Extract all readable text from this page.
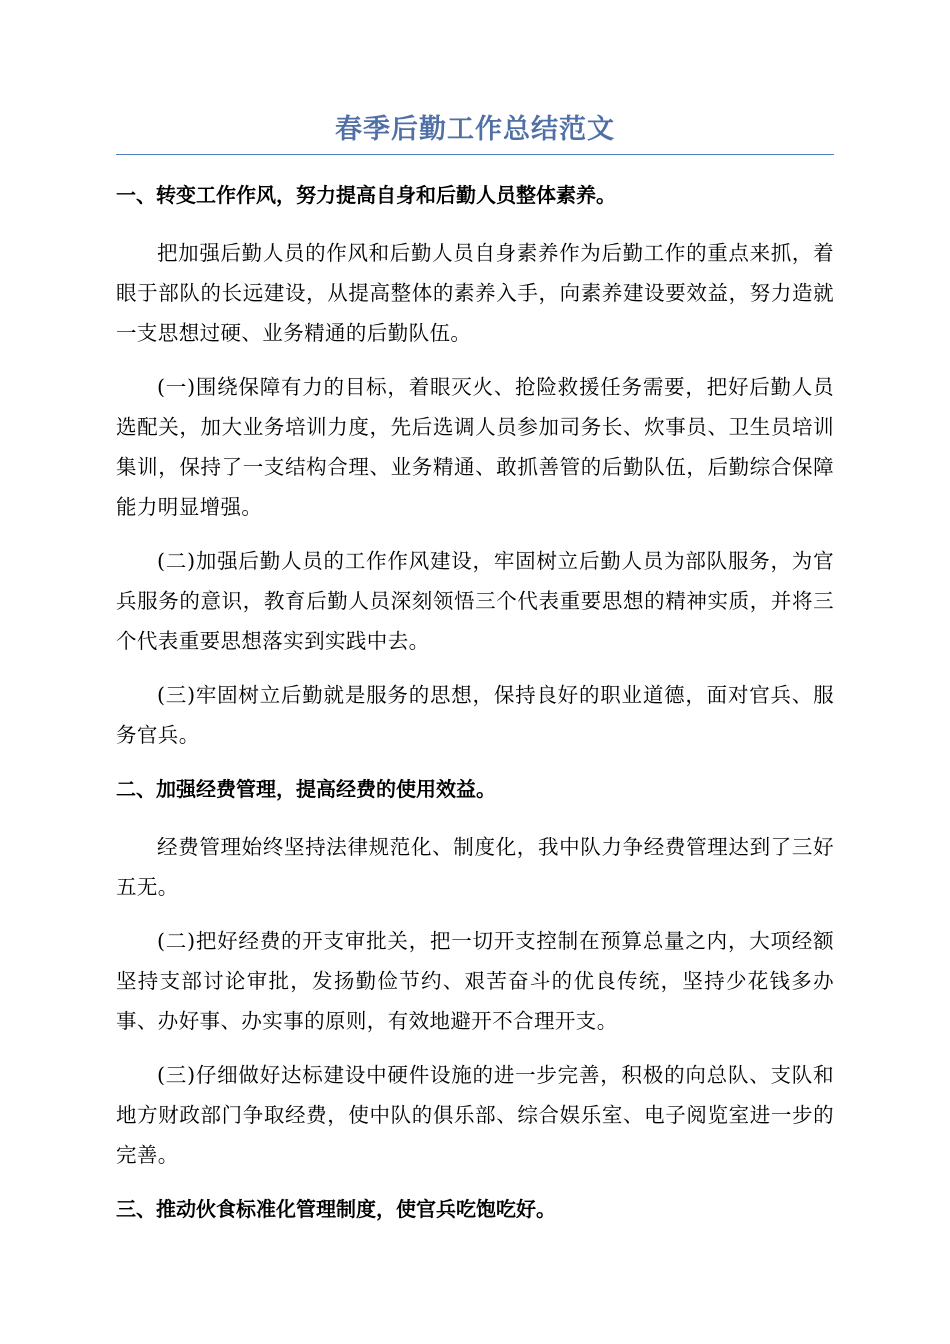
春季后勤工作总结范文
一、转变工作作风，努力提高自身和后勤人员整体素养。

把加强后勤人员的作风和后勤人员自身素养作为后勤工作的重点来抓，着眼于部队的长远建设，从提高整体的素养入手，向素养建设要效益，努力造就一支思想过硬、业务精通的后勤队伍。

(一)围绕保障有力的目标，着眼灭火、抢险救援任务需要，把好后勤人员选配关，加大业务培训力度，先后选调人员参加司务长、炊事员、卫生员培训集训，保持了一支结构合理、业务精通、敢抓善管的后勤队伍，后勤综合保障能力明显增强。

(二)加强后勤人员的工作作风建设，牢固树立后勤人员为部队服务，为官兵服务的意识，教育后勤人员深刻领悟三个代表重要思想的精神实质，并将三个代表重要思想落实到实践中去。

(三)牢固树立后勤就是服务的思想，保持良好的职业道德，面对官兵、服务官兵。

二、加强经费管理，提高经费的使用效益。

经费管理始终坚持法律规范化、制度化，我中队力争经费管理达到了三好五无。

(二)把好经费的开支审批关，把一切开支控制在预算总量之内，大项经额坚持支部讨论审批，发扬勤俭节约、艰苦奋斗的优良传统，坚持少花钱多办事、办好事、办实事的原则，有效地避开不合理开支。

(三)仔细做好达标建设中硬件设施的进一步完善，积极的向总队、支队和地方财政部门争取经费，使中队的俱乐部、综合娱乐室、电子阅览室进一步的完善。

三、推动伙食标准化管理制度，使官兵吃饱吃好。
